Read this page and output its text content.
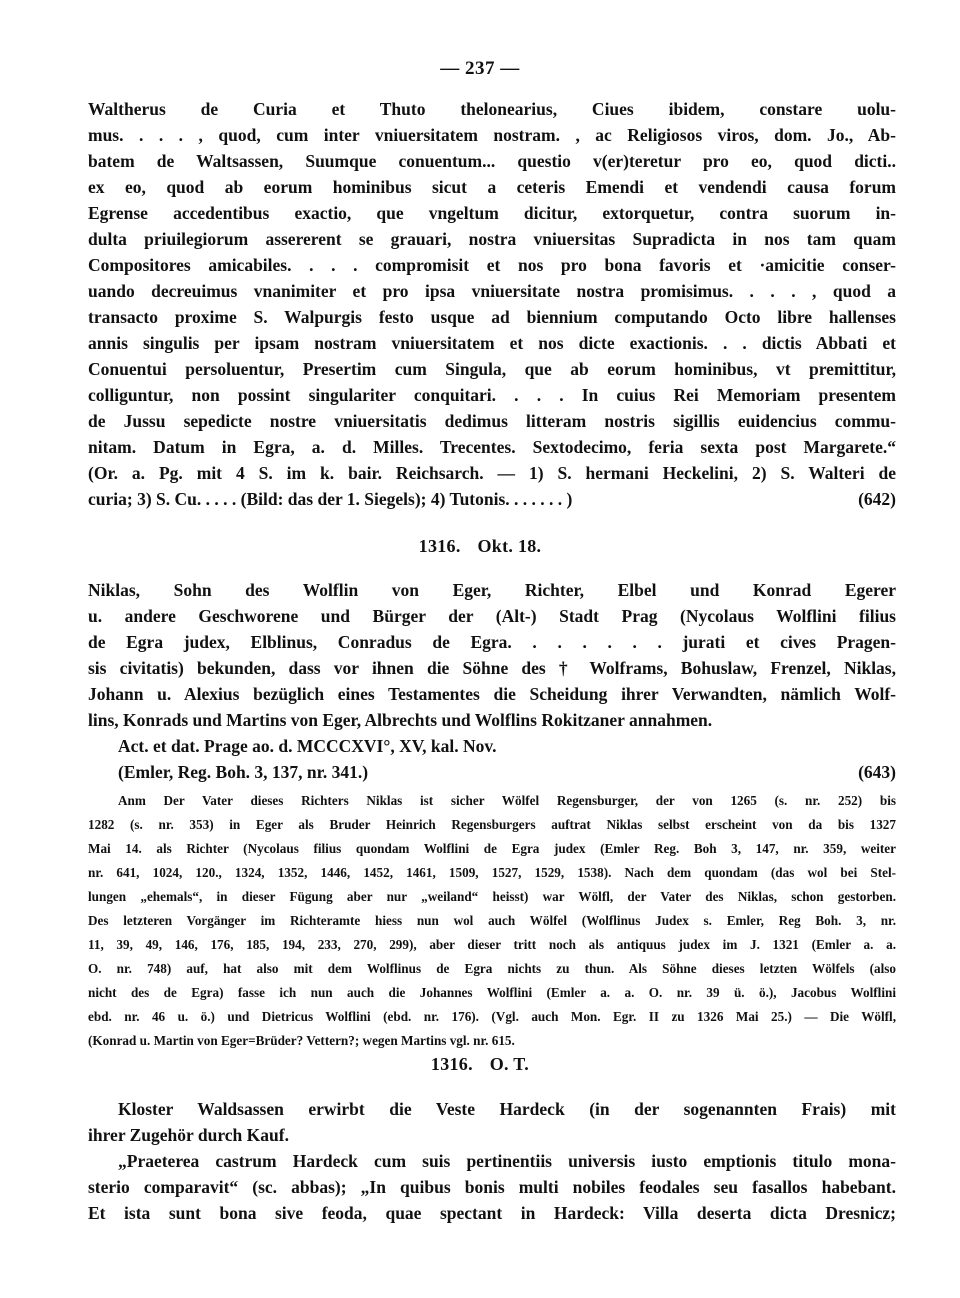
— 237 —
Waltherus de Curia et Thuto thelonearius, Ciues ibidem, constare uolu-
mus. . . . , quod, cum inter vniuersitatem nostram. , ac Religiosos viros, dom. Jo., Ab-
batem de Waltsassen, Suumque conuentum... questio v(er)teretur pro eo, quod dicti..
ex eo, quod ab eorum hominibus sicut a ceteris Emendi et vendendi causa forum
Egrense accedentibus exactio, que vngeltum dicitur, extorquetur, contra suorum in-
dulta priuilegiorum assererent se grauari, nostra vniuersitas Supradicta in nos tam quam
Compositores amicabiles. . . . compromisit et nos pro bona favoris et ·amicitie conser-
uando decreuimus vnanimiter et pro ipsa vniuersitate nostra promisimus. . . . , quod a
transacto proxime S. Walpurgis festo usque ad biennium computando Octo libre hallenses
annis singulis per ipsam nostram vniuersitatem et nos dicte exactionis. . . dictis Abbati et
Conuentui persoluentur, Presertim cum Singula, que ab eorum hominibus, vt premittitur,
colliguntur, non possint singulariter conquitari. . . . In cuius Rei Memoriam presentem
de Jussu sepedicte nostre vniuersitatis dedimus litteram nostris sigillis euidencius commu-
nitam. Datum in Egra, a. d. Milles. Trecentes. Sextodecimo, feria sexta post Margarete.“
(Or. a. Pg. mit 4 S. im k. bair. Reichsarch. — 1) S. hermani Heckelini, 2) S. Walteri de
curia; 3) S. Cu. . . . . (Bild: das der 1. Siegels); 4) Tutonis. . . . . . . )	(642)
1316. Okt. 18.
Niklas, Sohn des Wolflin von Eger, Richter, Elbel und Konrad Egerer
u. andere Geschworene und Bürger der (Alt-) Stadt Prag (Nycolaus Wolflini filius
de Egra judex, Elblinus, Conradus de Egra. . . . . . . jurati et cives Pragen-
sis civitatis) bekunden, dass vor ihnen die Söhne des † Wolframs, Bohuslaw, Frenzel, Niklas,
Johann u. Alexius bezüglich eines Testamentes die Scheidung ihrer Verwandten, nämlich Wolf-
lins, Konrads und Martins von Eger, Albrechts und Wolflins Rokitzaner annahmen.
Act. et dat. Prage ao. d. MCCCXVI°, XV, kal. Nov.
(Emler, Reg. Boh. 3, 137, nr. 341.)	(643)
Anm Der Vater dieses Richters Niklas ist sicher Wölfel Regensburger, der von 1265 (s. nr. 252) bis
1282 (s. nr. 353) in Eger als Bruder Heinrich Regensburgers auftrat Niklas selbst erscheint von da bis 1327
Mai 14. als Richter (Nycolaus filius quondam Wolflini de Egra judex (Emler Reg. Boh 3, 147, nr. 359, weiter
nr. 641, 1024, 120., 1324, 1352, 1446, 1452, 1461, 1509, 1527, 1529, 1538). Nach dem quondam (das wol bei Stel-
lungen „ehemals“, in dieser Fügung aber nur „weiland“ heisst) war Wölfl, der Vater des Niklas, schon gestorben.
Des letzteren Vorgänger im Richteramte hiess nun wol auch Wölfel (Wolflinus Judex s. Emler, Reg Boh. 3, nr.
11, 39, 49, 146, 176, 185, 194, 233, 270, 299), aber dieser tritt noch als antiquus judex im J. 1321 (Emler a. a.
O. nr. 748) auf, hat also mit dem Wolflinus de Egra nichts zu thun. Als Söhne dieses letzten Wölfels (also
nicht des de Egra) fasse ich nun auch die Johannes Wolflini (Emler a. a. O. nr. 39 ü. ö.), Jacobus Wolflini
ebd. nr. 46 u. ö.) und Dietricus Wolflini (ebd. nr. 176). (Vgl. auch Mon. Egr. II zu 1326 Mai 25.) — Die Wölfl,
(Konrad u. Martin von Eger=Brüder? Vettern?; wegen Martins vgl. nr. 615.
1316. O. T.
Kloster Waldsassen erwirbt die Veste Hardeck (in der sogenannten Frais) mit
ihrer Zugehör durch Kauf.
„Praeterea castrum Hardeck cum suis pertinentiis universis iusto emptionis titulo mona-
sterio comparavit“ (sc. abbas); „In quibus bonis multi nobiles feodales seu fasallos habebant.
Et ista sunt bona sive feoda, quae spectant in Hardeck: Villa deserta dicta Dresnicz;
